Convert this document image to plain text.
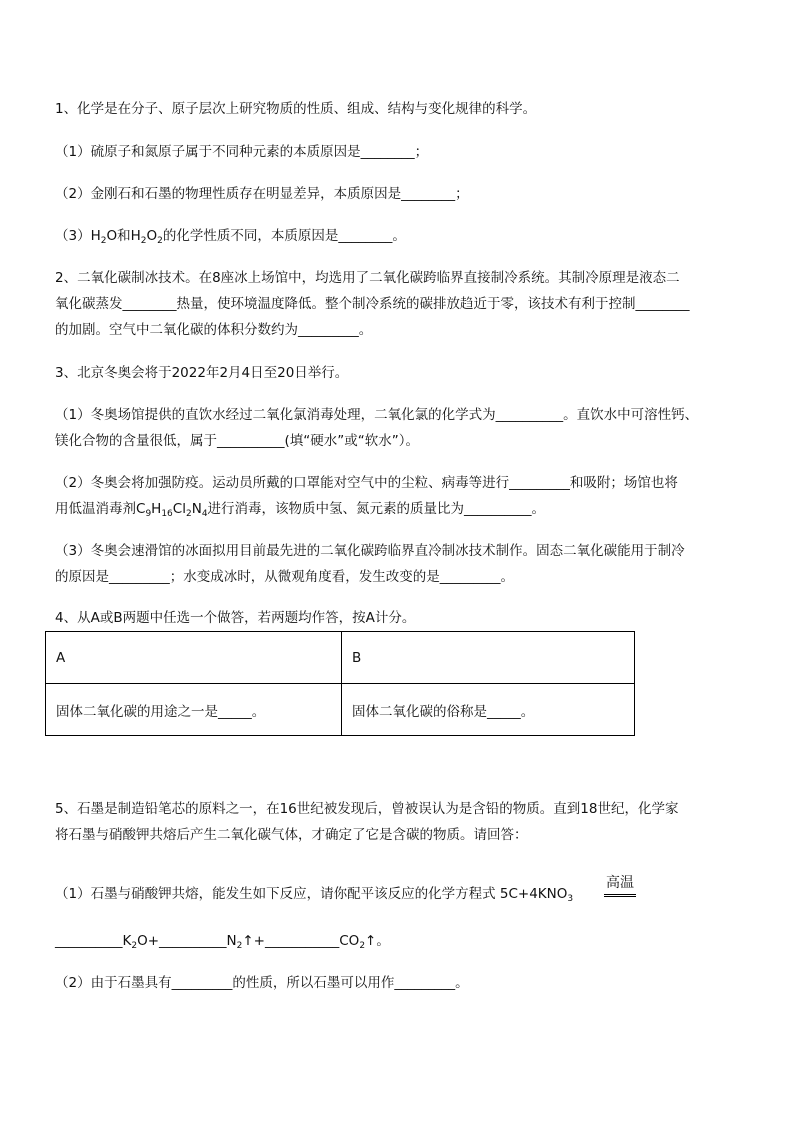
1、化学是在分子、原子层次上研究物质的性质、组成、结构与变化规律的科学。
（1）硫原子和氮原子属于不同种元素的本质原因是________；
（2）金刚石和石墨的物理性质存在明显差异，本质原因是________；
$(3)H_2O$和$H_2O_2$的化学性质不同，本质原因是________。
2、二氧化碳制冰技术。在8座冰上场馆中，均选用了二氧化碳跨临界直接制冷系统。其制冷原理是液态二
氧化碳蒸发________热量，使环境温度降低。整个制冷系统的碳排放趋近于零，该技术有利于控制________
的加剧。空气中二氧化碳的体积分数约为_________。
3、北京冬奥会将于2022年2月4日至20日举行。
（1）冬奥场馆提供的直饮水经过二氧化氯消毒处理，二氧化氯的化学式为__________。直饮水中可溶性钙、
镁化合物的含量很低，属于__________(填“硬水”或“软水”）。
（2）冬奥会将加强防疫。运动员所戴的口罩能对空气中的尘粒、病毒等进行_________和吸附；场馆也将
用低温消毒剂$C_9H_{16}Cl_2N_4$进行消毒，该物质中氢、氮元素的质量比为__________。
（3）冬奥会速滑馆的冰面拟用目前最先进的二氧化碳跨临界直冷制冰技术制作。固态二氧化碳能用于制冷
的原因是_________；水变成冰时，从微观角度看，发生改变的是_________。
4、从A或B两题中任选一个做答，若两题均作答，按A计分。
A	B
固体二氧化碳的用途之一是_____。	固体二氧化碳的俗称是_____。
5、石墨是制造铅笔芯的原料之一，在16世纪被发现后，曾被误认为是含铅的物质。直到18世纪，化学家
将石墨与硝酸钾共熔后产生二氧化碳气体，才确定了它是含碳的物质。请回答：
（1）石墨与硝酸钾共熔，能发生如下反应，请你配平该反应的化学方程式 $5C+4KNO_3$
高温
$\_\_\_\_\_\_\_\_\_\_K_2O+\_\_\_\_\_\_\_\_\_\_N_2↑+\_\_\_\_\_\_\_\_\_\_\_CO_2↑$。
（2）由于石墨具有_________的性质，所以石墨可以用作_________。
